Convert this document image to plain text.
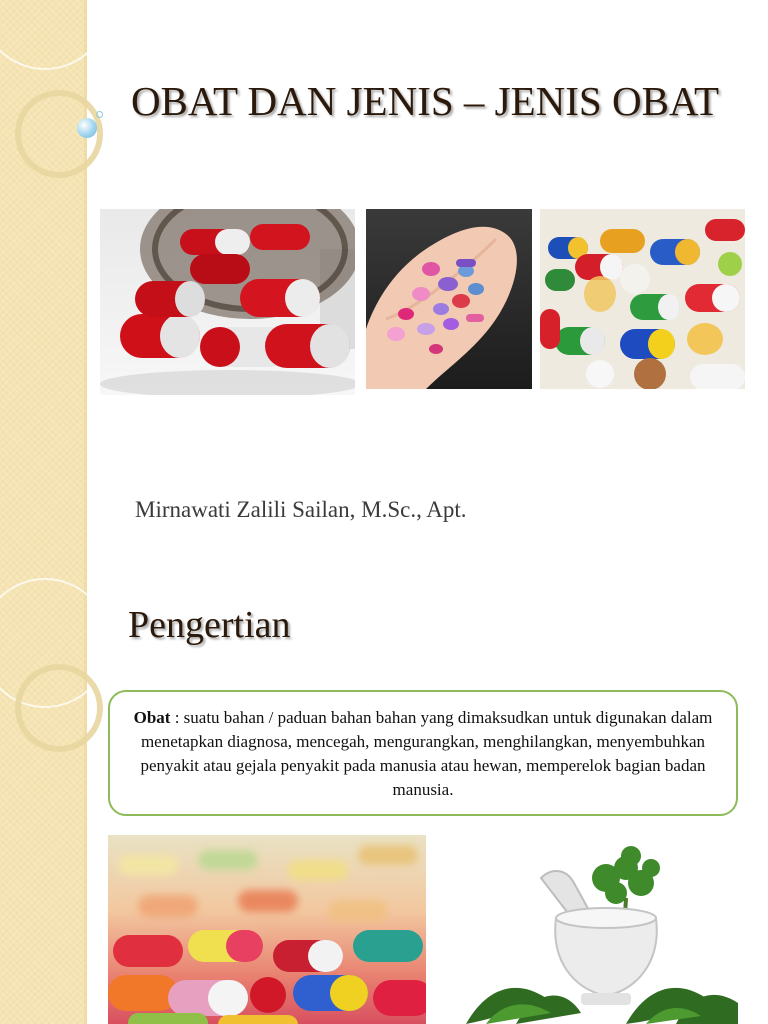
OBAT DAN JENIS – JENIS OBAT
Mirnawati Zalili Sailan, M.Sc., Apt.
Pengertian
Obat : suatu bahan / paduan bahan bahan yang dimaksudkan untuk digunakan dalam menetapkan diagnosa, mencegah, mengurangkan, menghilangkan, menyembuhkan penyakit atau gejala penyakit pada manusia atau hewan, memperelok bagian badan manusia.
